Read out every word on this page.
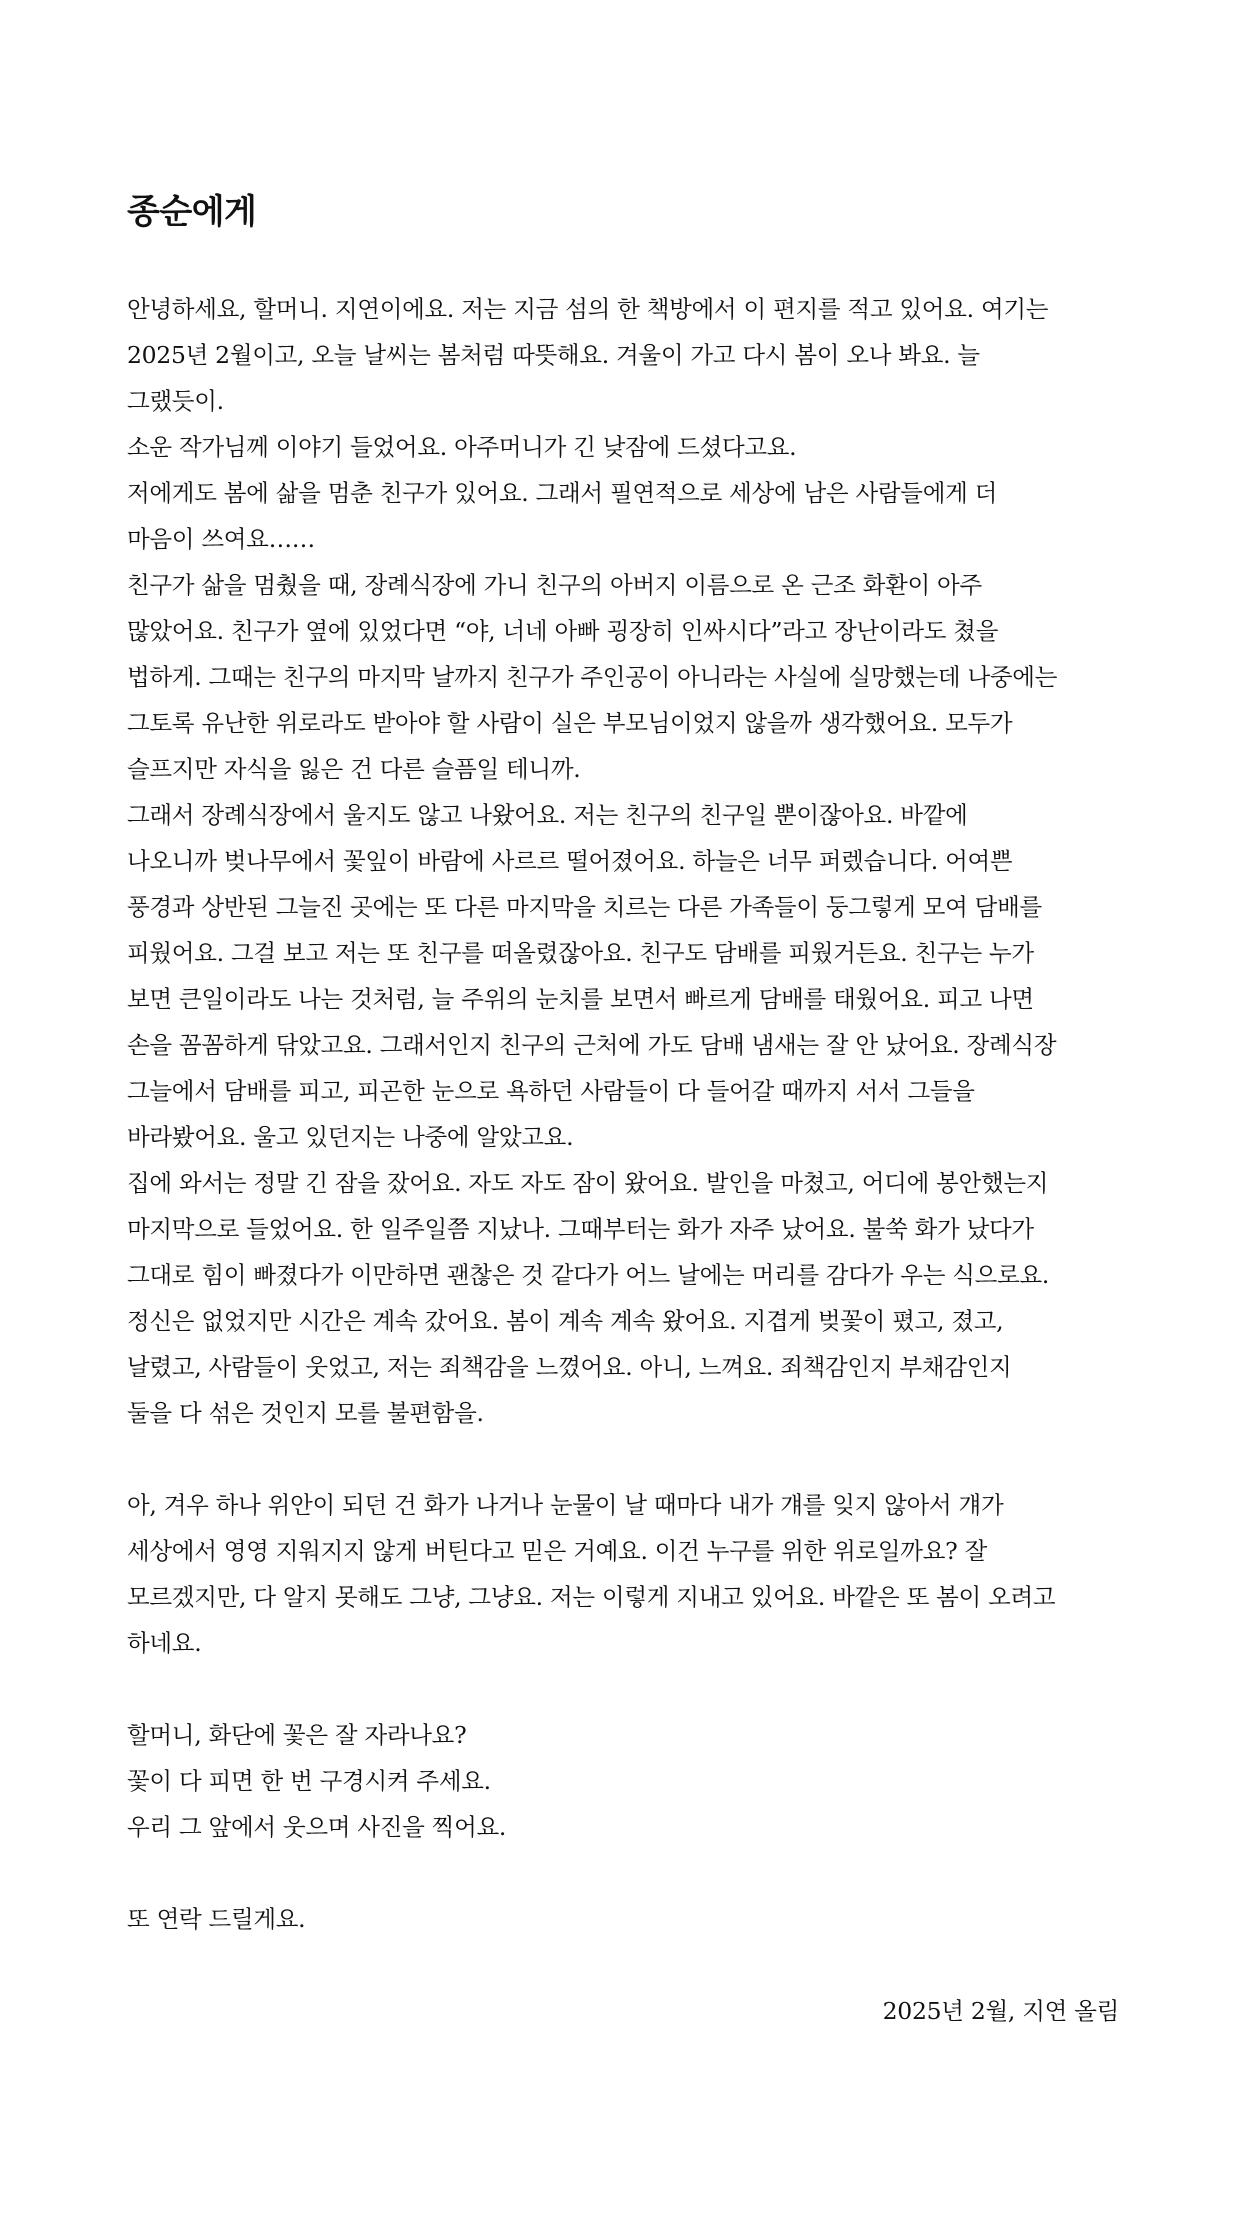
종순에게
안녕하세요, 할머니. 지연이에요. 저는 지금 섬의 한 책방에서 이 편지를 적고 있어요. 여기는
2025년 2월이고, 오늘 날씨는 봄처럼 따뜻해요. 겨울이 가고 다시 봄이 오나 봐요. 늘
그랬듯이.
소운 작가님께 이야기 들었어요. 아주머니가 긴 낮잠에 드셨다고요.
저에게도 봄에 삶을 멈춘 친구가 있어요. 그래서 필연적으로 세상에 남은 사람들에게 더
마음이 쓰여요……
친구가 삶을 멈췄을 때, 장례식장에 가니 친구의 아버지 이름으로 온 근조 화환이 아주
많았어요. 친구가 옆에 있었다면 “야, 너네 아빠 굉장히 인싸시다”라고 장난이라도 쳤을
법하게. 그때는 친구의 마지막 날까지 친구가 주인공이 아니라는 사실에 실망했는데 나중에는
그토록 유난한 위로라도 받아야 할 사람이 실은 부모님이었지 않을까 생각했어요. 모두가
슬프지만 자식을 잃은 건 다른 슬픔일 테니까.
그래서 장례식장에서 울지도 않고 나왔어요. 저는 친구의 친구일 뿐이잖아요. 바깥에
나오니까 벚나무에서 꽃잎이 바람에 사르르 떨어졌어요. 하늘은 너무 퍼렜습니다. 어여쁜
풍경과 상반된 그늘진 곳에는 또 다른 마지막을 치르는 다른 가족들이 둥그렇게 모여 담배를
피웠어요. 그걸 보고 저는 또 친구를 떠올렸잖아요. 친구도 담배를 피웠거든요. 친구는 누가
보면 큰일이라도 나는 것처럼, 늘 주위의 눈치를 보면서 빠르게 담배를 태웠어요. 피고 나면
손을 꼼꼼하게 닦았고요. 그래서인지 친구의 근처에 가도 담배 냄새는 잘 안 났어요. 장례식장
그늘에서 담배를 피고, 피곤한 눈으로 욕하던 사람들이 다 들어갈 때까지 서서 그들을
바라봤어요. 울고 있던지는 나중에 알았고요.
집에 와서는 정말 긴 잠을 잤어요. 자도 자도 잠이 왔어요. 발인을 마쳤고, 어디에 봉안했는지
마지막으로 들었어요. 한 일주일쯤 지났나. 그때부터는 화가 자주 났어요. 불쑥 화가 났다가
그대로 힘이 빠졌다가 이만하면 괜찮은 것 같다가 어느 날에는 머리를 감다가 우는 식으로요.
정신은 없었지만 시간은 계속 갔어요. 봄이 계속 계속 왔어요. 지겹게 벚꽃이 폈고, 졌고,
날렸고, 사람들이 웃었고, 저는 죄책감을 느꼈어요. 아니, 느껴요. 죄책감인지 부채감인지
둘을 다 섞은 것인지 모를 불편함을.
아, 겨우 하나 위안이 되던 건 화가 나거나 눈물이 날 때마다 내가 걔를 잊지 않아서 걔가
세상에서 영영 지워지지 않게 버틴다고 믿은 거예요. 이건 누구를 위한 위로일까요? 잘
모르겠지만, 다 알지 못해도 그냥, 그냥요. 저는 이렇게 지내고 있어요. 바깥은 또 봄이 오려고
하네요.
할머니, 화단에 꽃은 잘 자라나요?
꽃이 다 피면 한 번 구경시켜 주세요.
우리 그 앞에서 웃으며 사진을 찍어요.
또 연락 드릴게요.
2025년 2월, 지연 올림
